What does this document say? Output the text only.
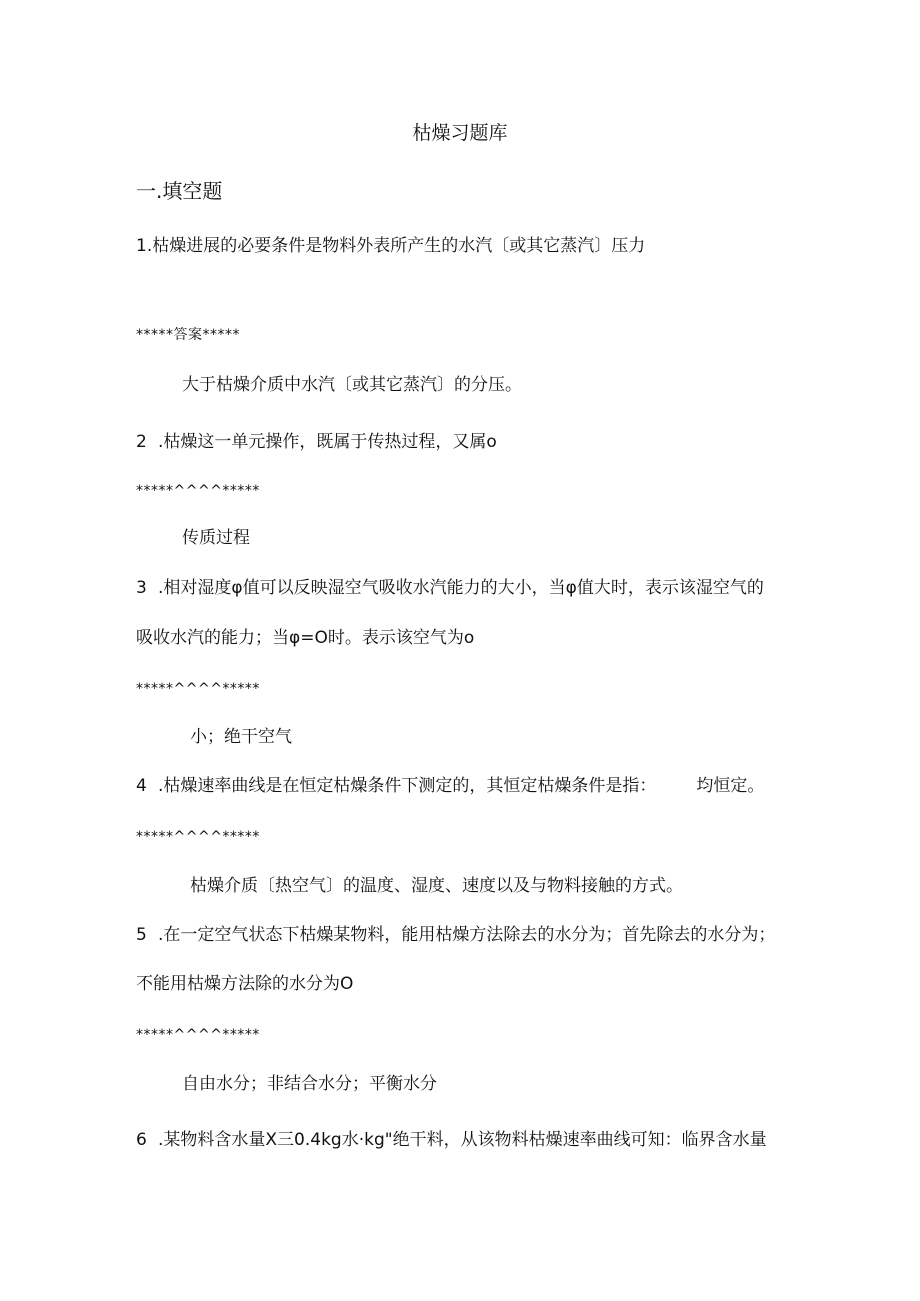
枯燥习题库
一.填空题
1.枯燥进展的必要条件是物料外表所产生的水汽〔或其它蒸汽〕压力
*****答案*****
大于枯燥介质中水汽〔或其它蒸汽〕的分压。
2 .枯燥这一单元操作，既属于传热过程，又属o
*****^^^^*****
传质过程
3 .相对湿度φ值可以反映湿空气吸收水汽能力的大小，当φ值大时，表示该湿空气的
吸收水汽的能力；当φ=O时。表示该空气为o
*****^^^^*****
小；绝干空气
4 .枯燥速率曲线是在恒定枯燥条件下测定的，其恒定枯燥条件是指： 均恒定。
*****^^^^*****
枯燥介质〔热空气〕的温度、湿度、速度以及与物料接触的方式。
5 .在一定空气状态下枯燥某物料，能用枯燥方法除去的水分为；首先除去的水分为；
不能用枯燥方法除的水分为O
*****^^^^*****
自由水分；非结合水分；平衡水分
6 .某物料含水量X三0.4kg水·kg"绝干料，从该物料枯燥速率曲线可知：临界含水量
